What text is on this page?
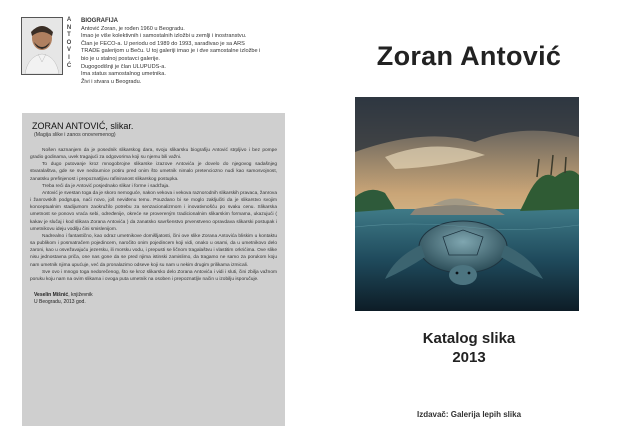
A
N
T
O
V
I
Ć
BIOGRAFIJA
Antović Zoran, je rođen 1960 u Beogradu.
Imao je više kolektivnih i samostalnih izložbi u zemlji i inostranstvu.
Član je FECO-a. U periodu od 1989 do 1993, sarađivao je sa ARS
TRADE galerijom u Beču. U toj galeriji imao je i dve samostalne izložbe i
bio je u stalnoj postavci galerije.
Dugogodišnji je član ULUPUDS-a.
Ima status samostalnog umetnika.
Živi i stvara u Beogradu.
ZORAN ANTOVIĆ, slikar.
(Magija slike i zanos onovremenog)

Nošen saznanjem da je posednik slikarskog dara, svoju slikarsku biografiju Antović strpljivo i bez pompe gradio godinama, uvek tragajući za odgovorima koji su njemu bili važni.

To dugo putovanje kroz mnogobrojne slikarske izazove Antovića je dovelo do njegovog sadašnjeg stvaralaštva, gde se sve nedoumice potiru pred onim što umetnik nimalo pretenciozno nudi kao samosvojnost, zanatsku prefinjenost i prepoznatljivu rafiniranost slikarskog postupka.

Treba reći da je Antović posjednako slikar i forme i sadržaja.

Antović je svestan toga da je skoro nemoguće, nakon vekova i vekova raznorodnih slikarskih pravaca, žanrova i žanrovskih podgrupa, naći novo, još neviđenu temu. Pouzdano bi se moglo zaključiti da je slikarstvo svojim konceptualnim stadijumom zaokružilo potrebu za senzacionalizmom i inovativnošću po svaku cenu. Slikarska umetnost se ponovo vraća sebi, određenije, okreće se provereným tradicionalnim slikarskim formama, ukazujući ( kakav je slučaj i kod slikara Zorana Antovića ) da zanatsko savršenstvo prvenstveno opravdava slikarski postupak i umetnikovu ideju vodilju čini smislenijom.

Nadrealno i fantastično, kao odraz umetnikove domišljatosti, čini ove slike Zorana Antovića bliskim u kontaktu sa publikom i posmatračem pojedincem, naročito onim pojedincem koji vidi, onako u osami, da u umetnikovo delo zaroni, kao u osvežavajuću jezersku, ili morsku vodu, i prepusti se ličnom tragalaštvu i vlastitim orkrićima. Ove slike nisu jednostavna priča, one nas gone da se pred njima istinski zamislimo, da tragamo ne samo za porukom koju nam umetnik njima upućuje, već da pronalazimo odsevе koji su nam u nekim drugim prilikama izmicali.

Sve ovo i mnogo toga nedorečenog, što se kroz slikarsko delo Zorana Antovića i vidi i sluti, čini zbilja važnom poruku koju nam na ovim slikama i ovoga puta umetnik na osoben i prepoznatljiv način u izobilju isporučuje.

Veselin Mišnić, književnik
U Beogradu, 2013 god.
Zoran Antović
Katalog slika
2013
Izdavač: Galerija lepih slika
